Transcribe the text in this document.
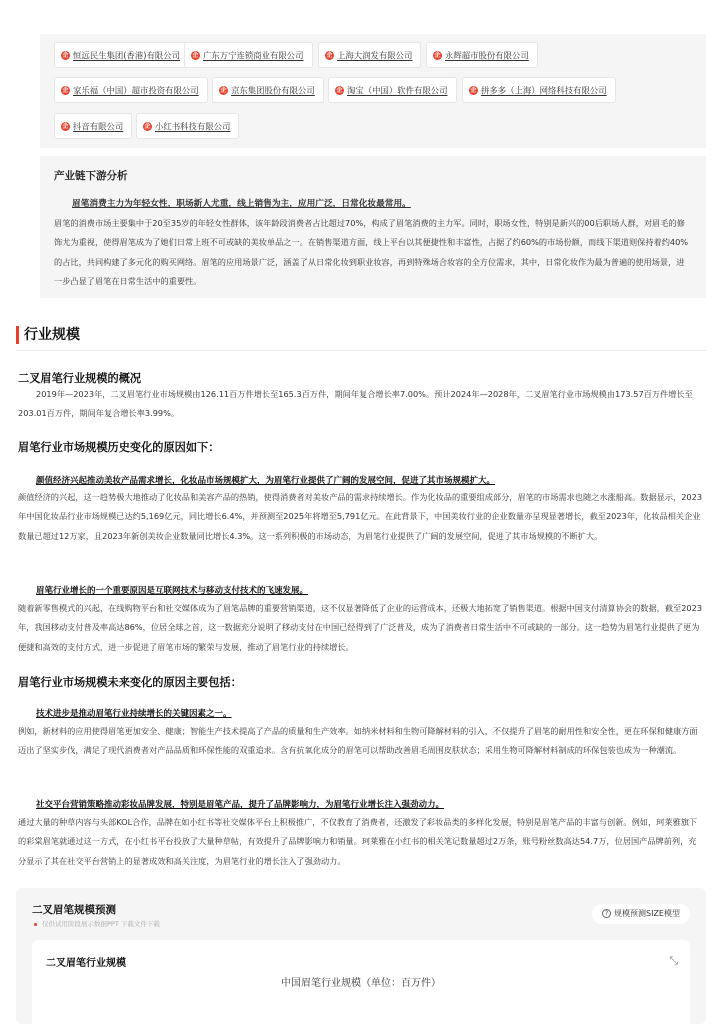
企 恒远民生集团(香港)有限公司	企 广东万宁连锁商业有限公司	企 上海大润发有限公司	企 永辉超市股份有限公司
企 家乐福（中国）超市投资有限公司	企 京东集团股份有限公司	企 淘宝（中国）软件有限公司	企 拼多多（上海）网络科技有限公司
企 抖音有限公司	企 小红书科技有限公司
产业链下游分析
眉笔消费主力为年轻女性，职场新人尤重，线上销售为主，应用广泛，日常化妆最常用。
眉笔的消费市场主要集中于20至35岁的年轻女性群体，该年龄段消费者占比超过70%，构成了眉笔消费的主力军。同时，职场女性，特别是新兴的00后职场人群，对眉毛的修饰尤为重视，使得眉笔成为了她们日常上班不可或缺的美妆单品之一。在销售渠道方面，线上平台以其便捷性和丰富性，占据了约60%的市场份额，而线下渠道则保持着约40%的占比，共同构建了多元化的购买网络。眉笔的应用场景广泛，涵盖了从日常化妆到职业妆容，再到特殊场合妆容的全方位需求，其中，日常化妆作为最为普遍的使用场景，进一步凸显了眉笔在日常生活中的重要性。
行业规模
二叉眉笔行业规模的概况
2019年—2023年，二叉眉笔行业市场规模由126.11百万件增长至165.3百万件，期间年复合增长率7.00%。预计2024年—2028年，二叉眉笔行业市场规模由173.57百万件增长至203.01百万件，期间年复合增长率3.99%。
眉笔行业市场规模历史变化的原因如下：
颜值经济兴起推动美妆产品需求增长，化妆品市场规模扩大，为眉笔行业提供了广阔的发展空间，促进了其市场规模扩大。
颜值经济的兴起，这一趋势极大地推动了化妆品和美容产品的热销，使得消费者对美妆产品的需求持续增长。作为化妆品的重要组成部分，眉笔的市场需求也随之水涨船高。数据显示，2023年中国化妆品行业市场规模已达约5,169亿元，同比增长6.4%，并预测至2025年将增至5,791亿元。在此背景下，中国美妆行业的企业数量亦呈现显著增长，截至2023年，化妆品相关企业数量已超过12万家，且2023年新创美妆企业数量同比增长4.3%。这一系列积极的市场动态，为眉笔行业提供了广阔的发展空间，促进了其市场规模的不断扩大。
眉笔行业增长的一个重要原因是互联网技术与移动支付技术的飞速发展。
随着新零售模式的兴起，在线购物平台和社交媒体成为了眉笔品牌的重要营销渠道，这不仅显著降低了企业的运营成本，还极大地拓宽了销售渠道。根据中国支付清算协会的数据，截至2023年，我国移动支付普及率高达86%，位居全球之首，这一数据充分说明了移动支付在中国已经得到了广泛普及，成为了消费者日常生活中不可或缺的一部分。这一趋势为眉笔行业提供了更为便捷和高效的支付方式，进一步促进了眉笔市场的繁荣与发展，推动了眉笔行业的持续增长。
眉笔行业市场规模未来变化的原因主要包括：
技术进步是推动眉笔行业持续增长的关键因素之一。
例如，新材料的应用使得眉笔更加安全、健康；智能生产技术提高了产品的质量和生产效率。如纳米材料和生物可降解材料的引入，不仅提升了眉笔的耐用性和安全性，更在环保和健康方面迈出了坚实步伐，满足了现代消费者对产品品质和环保性能的双重追求。含有抗氧化成分的眉笔可以帮助改善眉毛周围皮肤状态；采用生物可降解材料制成的环保包装也成为一种潮流。
社交平台营销策略推动彩妆品牌发展，特别是眉笔产品，提升了品牌影响力，为眉笔行业增长注入强劲动力。
通过大量的种草内容与头部KOL合作，品牌在如小红书等社交媒体平台上积极推广，不仅教育了消费者，还激发了彩妆品类的多样化发展，特别是眉笔产品的丰富与创新。例如，珂莱雅旗下的彩棠眉笔就通过这一方式，在小红书平台投放了大量种草帖，有效提升了品牌影响力和销量。珂莱雅在小红书的相关笔记数量超过2万条，账号粉丝数高达54.7万，位居国产品牌前列，充分显示了其在社交平台营销上的显著成效和高关注度，为眉笔行业的增长注入了强劲动力。
二叉眉笔规模预测
仅供试用阶段展示数据PPT 下载文件下载
? 规模预测SIZE模型
二叉眉笔行业规模	⤡
中国眉笔行业规模（单位：百万件）
